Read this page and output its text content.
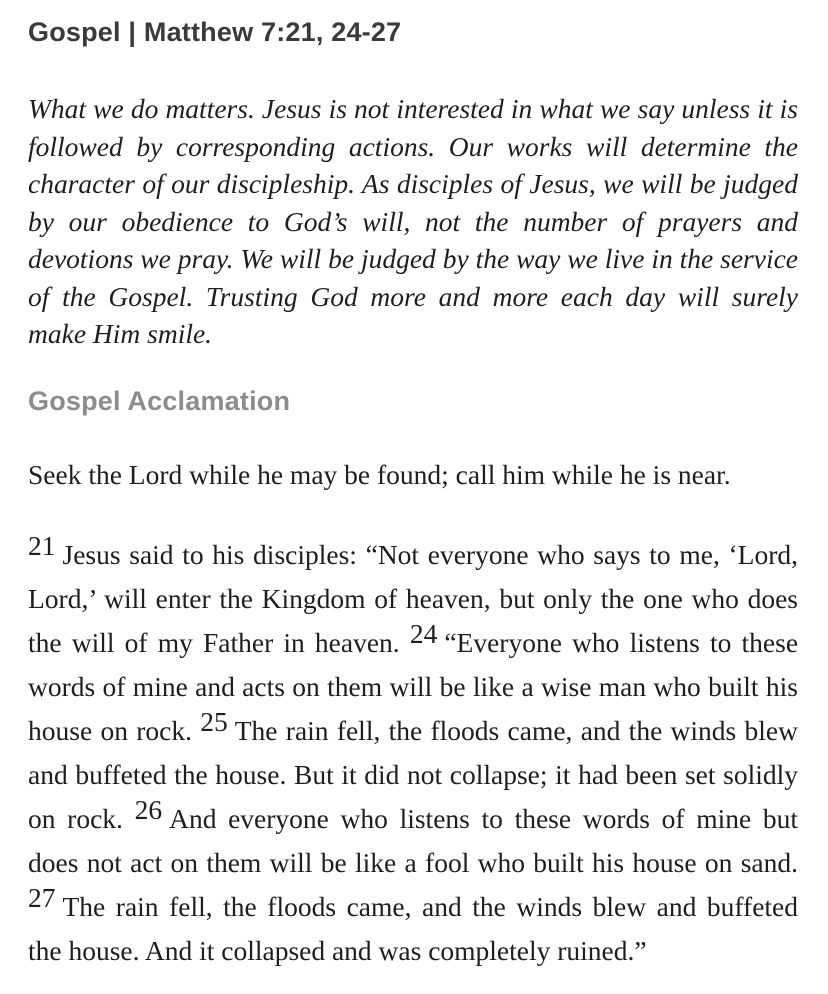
Gospel | Matthew 7:21, 24-27

What we do matters. Jesus is not interested in what we say unless it is followed by corresponding actions. Our works will determine the character of our discipleship. As disciples of Jesus, we will be judged by our obedience to God’s will, not the number of prayers and devotions we pray. We will be judged by the way we live in the service of the Gospel. Trusting God more and more each day will surely make Him smile.

Gospel Acclamation

Seek the Lord while he may be found; call him while he is near.

21 Jesus said to his disciples: “Not everyone who says to me, ‘Lord, Lord,’ will enter the Kingdom of heaven, but only the one who does the will of my Father in heaven. 24 “Everyone who listens to these words of mine and acts on them will be like a wise man who built his house on rock. 25 The rain fell, the floods came, and the winds blew and buffeted the house. But it did not collapse; it had been set solidly on rock. 26 And everyone who listens to these words of mine but does not act on them will be like a fool who built his house on sand. 27 The rain fell, the floods came, and the winds blew and buffeted the house. And it collapsed and was completely ruined.”
